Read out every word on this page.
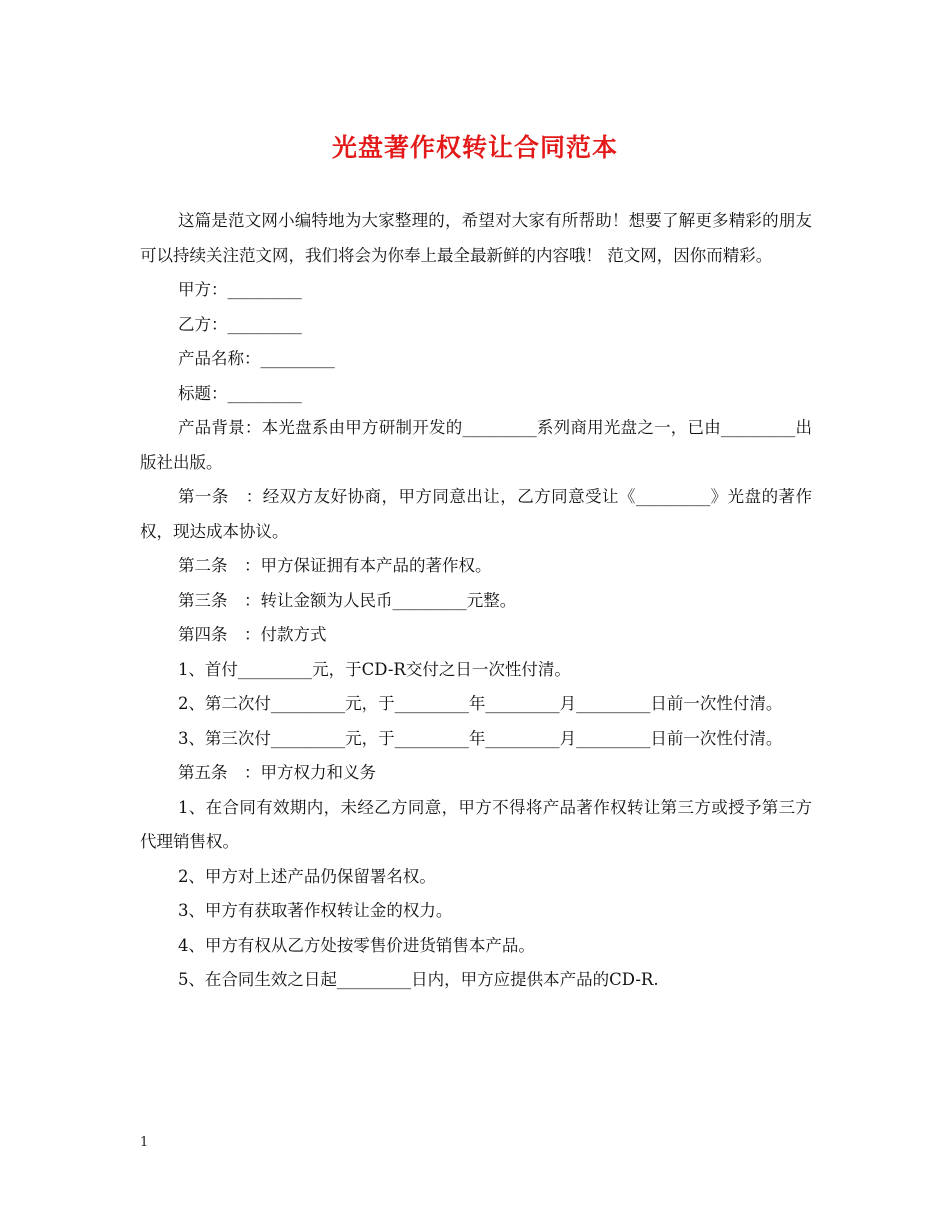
光盘著作权转让合同范本

这篇是范文网小编特地为大家整理的，希望对大家有所帮助！想要了解更多精彩的朋友可以持续关注范文网，我们将会为你奉上最全最新鲜的内容哦！ 范文网，因你而精彩。

甲方：_________

乙方：_________

产品名称：_________

标题：_________

产品背景：本光盘系由甲方研制开发的_________系列商用光盘之一，已由_________出版社出版。

第一条　：经双方友好协商，甲方同意出让，乙方同意受让《_________》光盘的著作权，现达成本协议。

第二条　：甲方保证拥有本产品的著作权。

第三条　：转让金额为人民币_________元整。

第四条　：付款方式

1、首付_________元，于CD-R交付之日一次性付清。

2、第二次付_________元，于_________年_________月_________日前一次性付清。

3、第三次付_________元，于_________年_________月_________日前一次性付清。

第五条　：甲方权力和义务

1、在合同有效期内，未经乙方同意，甲方不得将产品著作权转让第三方或授予第三方代理销售权。

2、甲方对上述产品仍保留署名权。

3、甲方有获取著作权转让金的权力。

4、甲方有权从乙方处按零售价进货销售本产品。

5、在合同生效之日起_________日内，甲方应提供本产品的CD-R.

1
